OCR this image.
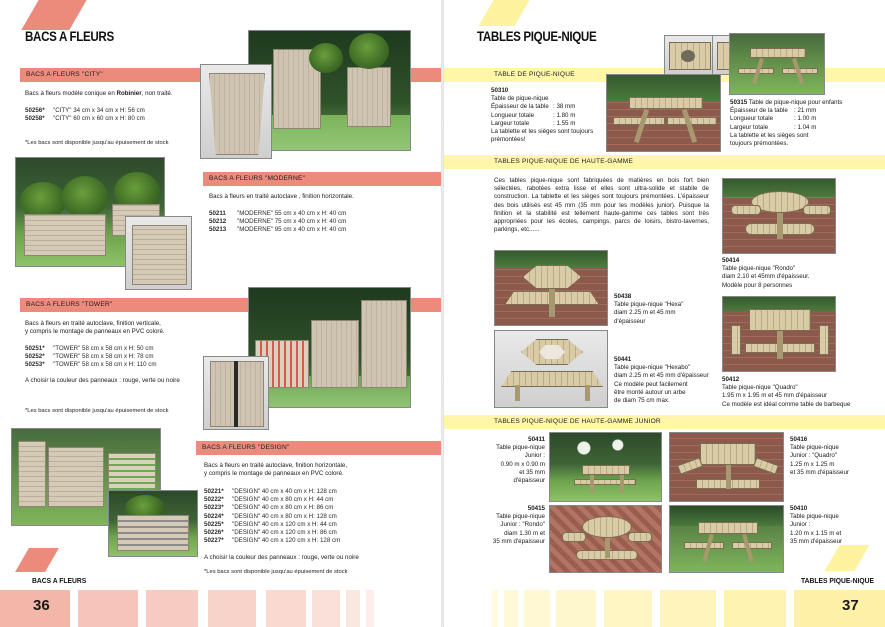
BACS A FLEURS
BACS A FLEURS "CITY"
Bacs à fleurs modèle conique en Robinier, non traité.
50256*	"CITY" 34 cm x 34 cm x H: 56 cm
50258*	"CITY" 60 cm x 60 cm x H: 80 cm
*Les bacs sont disponible jusqu'au épuisement de stock
BACS A FLEURS "MODERNE"
Bacs à fleurs en traité autoclave , finition horizontale.
50211	"MODERNE" 55 cm x 40 cm x H: 40 cm
50212	"MODERNE" 75 cm x 40 cm x H: 40 cm
50213	"MODERNE" 95 cm x 40 cm x H: 40 cm
BACS A FLEURS "TOWER"
Bacs à fleurs en traité autoclave, finition verticale,
y compris le montage de panneaux en PVC coloré.
50251*	"TOWER" 58 cm x 58 cm x H: 50 cm
50252*	"TOWER" 58 cm x 58 cm x H: 78 cm
50253*	"TOWER" 58 cm x 58 cm x H: 110 cm
A choisir la couleur des panneaux : rouge, verte ou noire
*Les bacs sont disponible jusqu'au épuisement de stock
BACS A FLEURS "DESIGN"
Bacs à fleurs en traité autoclave, finition horizontale,
y compris le montage de panneaux en PVC coloré.
50221*	"DESIGN" 40 cm x 40 cm x H: 128 cm
50222*	"DESIGN" 40 cm x 80 cm x H: 44 cm
50223*	"DESIGN" 40 cm x 80 cm x H: 86 cm
50224*	"DESIGN" 40 cm x 80 cm x H: 128 cm
50225*	"DESIGN" 40 cm x 120 cm x H: 44 cm
50226*	"DESIGN" 40 cm x 120 cm x H: 86 cm
50227*	"DESIGN" 40 cm x 120 cm x H: 128 cm
A choisir la couleur des panneaux : rouge, verte ou noire
*Les bacs sont disponible jusqu'au épuisement de stock
BACS A FLEURS
36
TABLES PIQUE-NIQUE
TABLE DE PIQUE-NIQUE
50310
Table de pique-nique
Épaisseur de la table : 38 mm
Longueur totale	: 1.80 m
Largeur totale	: 1.55 m
La tablette et les sièges sont toujours prémontées!
50315 Table de pique-nique pour enfants
Épaisseur de la table	: 21 mm
Longueur totale	: 1.00 m
Largeur totale	: 1.04 m
La tablette et les sièges sont toujours prémontées.
TABLES PIQUE-NIQUE DE HAUTE-GAMME
Ces tables pique-nique sont fabriquées de matières en bois fort bien sélectées, rabotées extra lisse et elles sont ultra-solide et stabile de construction. La tablette et les sièges sont toujours prémontées. L'épaisseur des bois utilisés est 45 mm (35 mm pour les modèles junior). Puisque la finition et la stabilité est tellement haute-gamme ces tables sont très appropriées pour les écoles, campings, parcs de loisirs, bistro-tavernes, parkings, etc......
50414
Table pique-nique "Rondo"
diam 2.10 et 45mm d'épaisseur.
Modèle pour 8 personnes
50438
Table pique-nique "Hexa"
diam 2.25 m et 45 mm
d'épaisseur
50441
Table pique-nique "Hexabo"
diam 2.25 m et 45 mm d'épaisseur
Ce modèle peut facilement
être monté autour un arbe
de diam 75 cm max.
50412
Table pique-nique "Quadro"
1.95 m x 1.95 m et 45 mm d'épaisseur
Ce modèle est idéal comme table de barbeque
TABLES PIQUE-NIQUE DE HAUTE-GAMME JUNIOR
50411
Table pique-nique
Junior :
0.90 m x 0.90 m
et 35 mm d'épaisseur
50416
Table pique-nique
Junior : "Quadro"
1.25 m x 1.25 m
et 35 mm d'épaisseur
50415
Table pique-nique
Junior : "Rondo"
diam 1.30 m et
35 mm d'épaisseur
50410
Table pique-nique
Junior :
1.20 m x 1.15 m et
35 mm d'épaisseur
TABLES PIQUE-NIQUE
37
